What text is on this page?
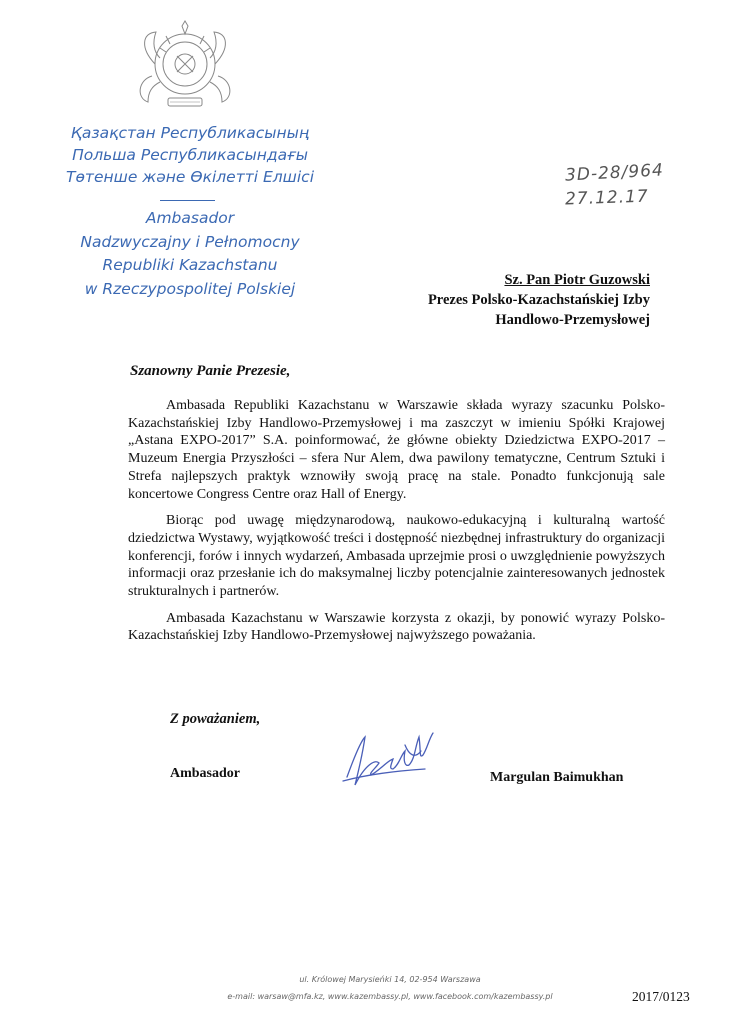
Қазақстан Республикасының
Польша Республикасындағы
Төтенше және Өкілетті Елшісі
Ambasador
Nadzwyczajny i Pełnomocny
Republiki Kazachstanu
w Rzeczypospolitej Polskiej
3D-28/964
27.12.17
Sz. Pan Piotr Guzowski
Prezes Polsko-Kazachstańskiej Izby
Handlowo-Przemysłowej
Szanowny Panie Prezesie,

Ambasada Republiki Kazachstanu w Warszawie składa wyrazy szacunku Polsko-Kazachstańskiej Izby Handlowo-Przemysłowej i ma zaszczyt w imieniu Spółki Krajowej „Astana EXPO-2017” S.A. poinformować, że główne obiekty Dziedzictwa EXPO-2017 – Muzeum Energia Przyszłości – sfera Nur Alem, dwa pawilony tematyczne, Centrum Sztuki i Strefa najlepszych praktyk wznowiły swoją pracę na stale. Ponadto funkcjonują sale koncertowe Congress Centre oraz Hall of Energy.

Biorąc pod uwagę międzynarodową, naukowo-edukacyjną i kulturalną wartość dziedzictwa Wystawy, wyjątkowość treści i dostępność niezbędnej infrastruktury do organizacji konferencji, forów i innych wydarzeń, Ambasada uprzejmie prosi o uwzględnienie powyższych informacji oraz przesłanie ich do maksymalnej liczby potencjalnie zainteresowanych jednostek strukturalnych i partnerów.

Ambasada Kazachstanu w Warszawie korzysta z okazji, by ponowić wyrazy Polsko-Kazachstańskiej Izby Handlowo-Przemysłowej najwyższego poważania.

Z poważaniem,
Ambasador	Margulan Baimukhan
ul. Królowej Marysieńki 14, 02-954 Warszawa
e-mail: warsaw@mfa.kz, www.kazembassy.pl, www.facebook.com/kazembassy.pl	2017/0123
